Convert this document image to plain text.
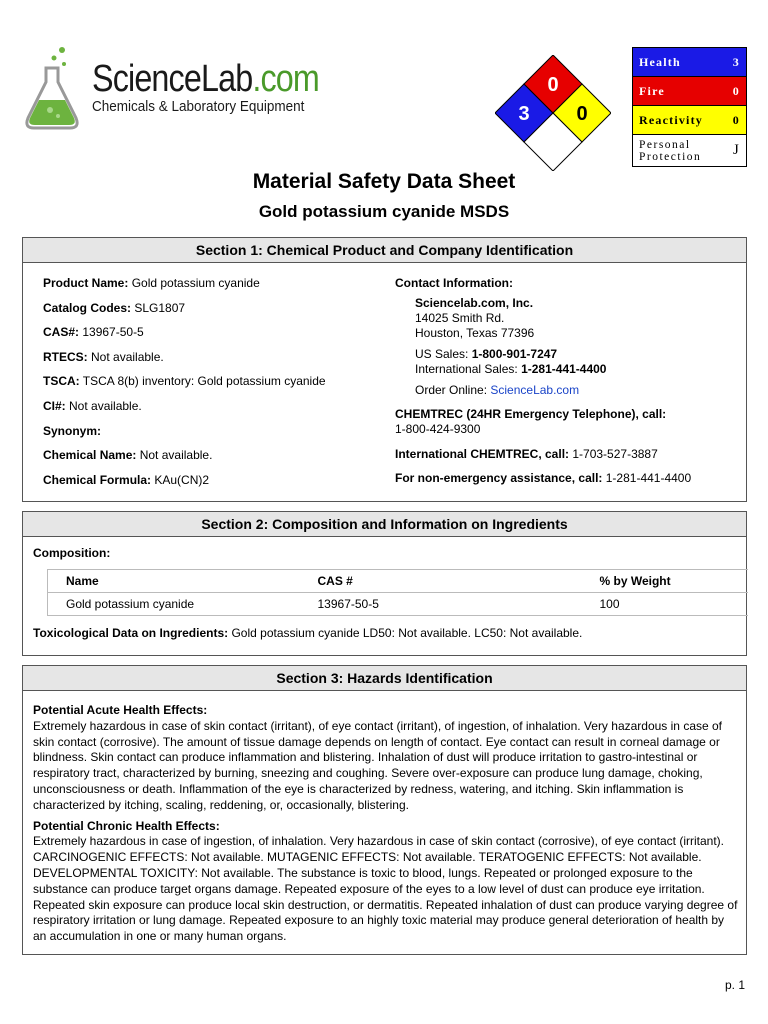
ScienceLab.com
Chemicals & Laboratory Equipment	3
0
0
Health	3
Fire	0
Reactivity 0
Personal
Protection J
Material Safety Data Sheet
Gold potassium cyanide MSDS
Section 1: Chemical Product and Company Identification
Product Name: Gold potassium cyanide
Catalog Codes: SLG1807
CAS#: 13967-50-5
RTECS: Not available.
TSCA: TSCA 8(b) inventory: Gold potassium cyanide
CI#: Not available.
Synonym:
Chemical Name: Not available.
Chemical Formula: KAu(CN)2
Contact Information:
Sciencelab.com, Inc.
14025 Smith Rd.
Houston, Texas 77396
US Sales: 1-800-901-7247
International Sales: 1-281-441-4400
Order Online: ScienceLab.com
CHEMTREC (24HR Emergency Telephone), call:
1-800-424-9300
International CHEMTREC, call: 1-703-527-3887
For non-emergency assistance, call: 1-281-441-4400
Section 2: Composition and Information on Ingredients
Composition:
Name	CAS #	% by Weight
Gold potassium cyanide	13967-50-5	100
Toxicological Data on Ingredients: Gold potassium cyanide LD50: Not available. LC50: Not available.
Section 3: Hazards Identification
Potential Acute Health Effects:
Extremely hazardous in case of skin contact (irritant), of eye contact (irritant), of ingestion, of inhalation. Very hazardous in case of skin contact (corrosive). The amount of tissue damage depends on length of contact. Eye contact can result in corneal damage or blindness. Skin contact can produce inflammation and blistering. Inhalation of dust will produce irritation to gastro-intestinal or respiratory tract, characterized by burning, sneezing and coughing. Severe over-exposure can produce lung damage, choking, unconsciousness or death. Inflammation of the eye is characterized by redness, watering, and itching. Skin inflammation is characterized by itching, scaling, reddening, or, occasionally, blistering.
Potential Chronic Health Effects:
Extremely hazardous in case of ingestion, of inhalation. Very hazardous in case of skin contact (corrosive), of eye contact (irritant). CARCINOGENIC EFFECTS: Not available. MUTAGENIC EFFECTS: Not available. TERATOGENIC EFFECTS: Not available. DEVELOPMENTAL TOXICITY: Not available. The substance is toxic to blood, lungs. Repeated or prolonged exposure to the substance can produce target organs damage. Repeated exposure of the eyes to a low level of dust can produce eye irritation. Repeated skin exposure can produce local skin destruction, or dermatitis. Repeated inhalation of dust can produce varying degree of respiratory irritation or lung damage. Repeated exposure to an highly toxic material may produce general deterioration of health by an accumulation in one or many human organs.
p. 1
